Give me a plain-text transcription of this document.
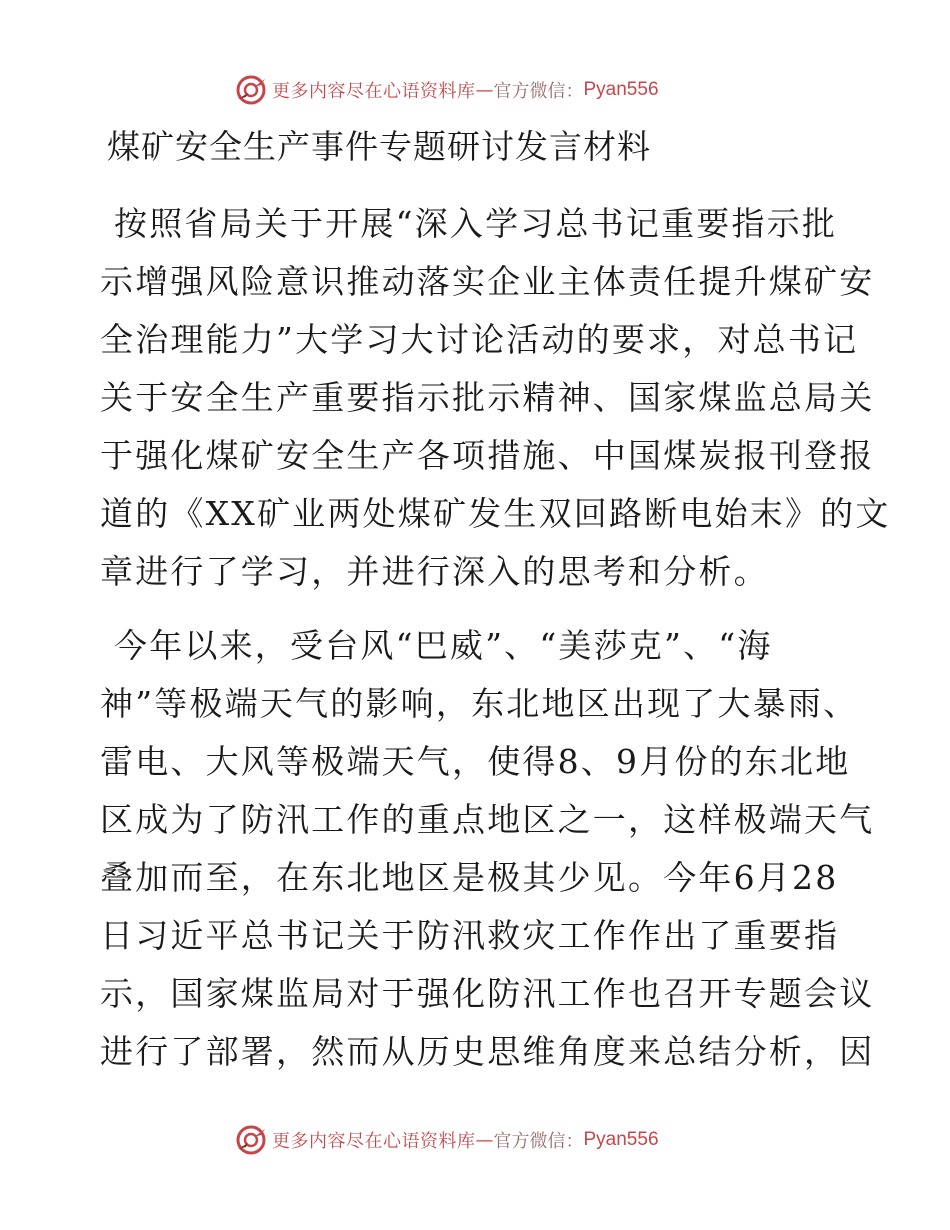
更多内容尽在心语资料库 — 官方微信： Pyan556
煤矿安全生产事件专题研讨发言材料
按照省局关于开展“深入学习总书记重要指示批
示增强风险意识推动落实企业主体责任提升煤矿安
全治理能力”大学习大讨论活动的要求，对总书记
关于安全生产重要指示批示精神、国家煤监总局关
于强化煤矿安全生产各项措施、中国煤炭报刊登报
道的《XX矿业两处煤矿发生双回路断电始末》的文
章进行了学习，并进行深入的思考和分析。
今年以来，受台风“巴威”、“美莎克”、“海
神”等极端天气的影响，东北地区出现了大暴雨、
雷电、大风等极端天气，使得8、9月份的东北地
区成为了防汛工作的重点地区之一，这样极端天气
叠加而至，在东北地区是极其少见。今年6月28
日习近平总书记关于防汛救灾工作作出了重要指
示，国家煤监局对于强化防汛工作也召开专题会议
进行了部署，然而从历史思维角度来总结分析，因
更多内容尽在心语资料库 — 官方微信： Pyan556
